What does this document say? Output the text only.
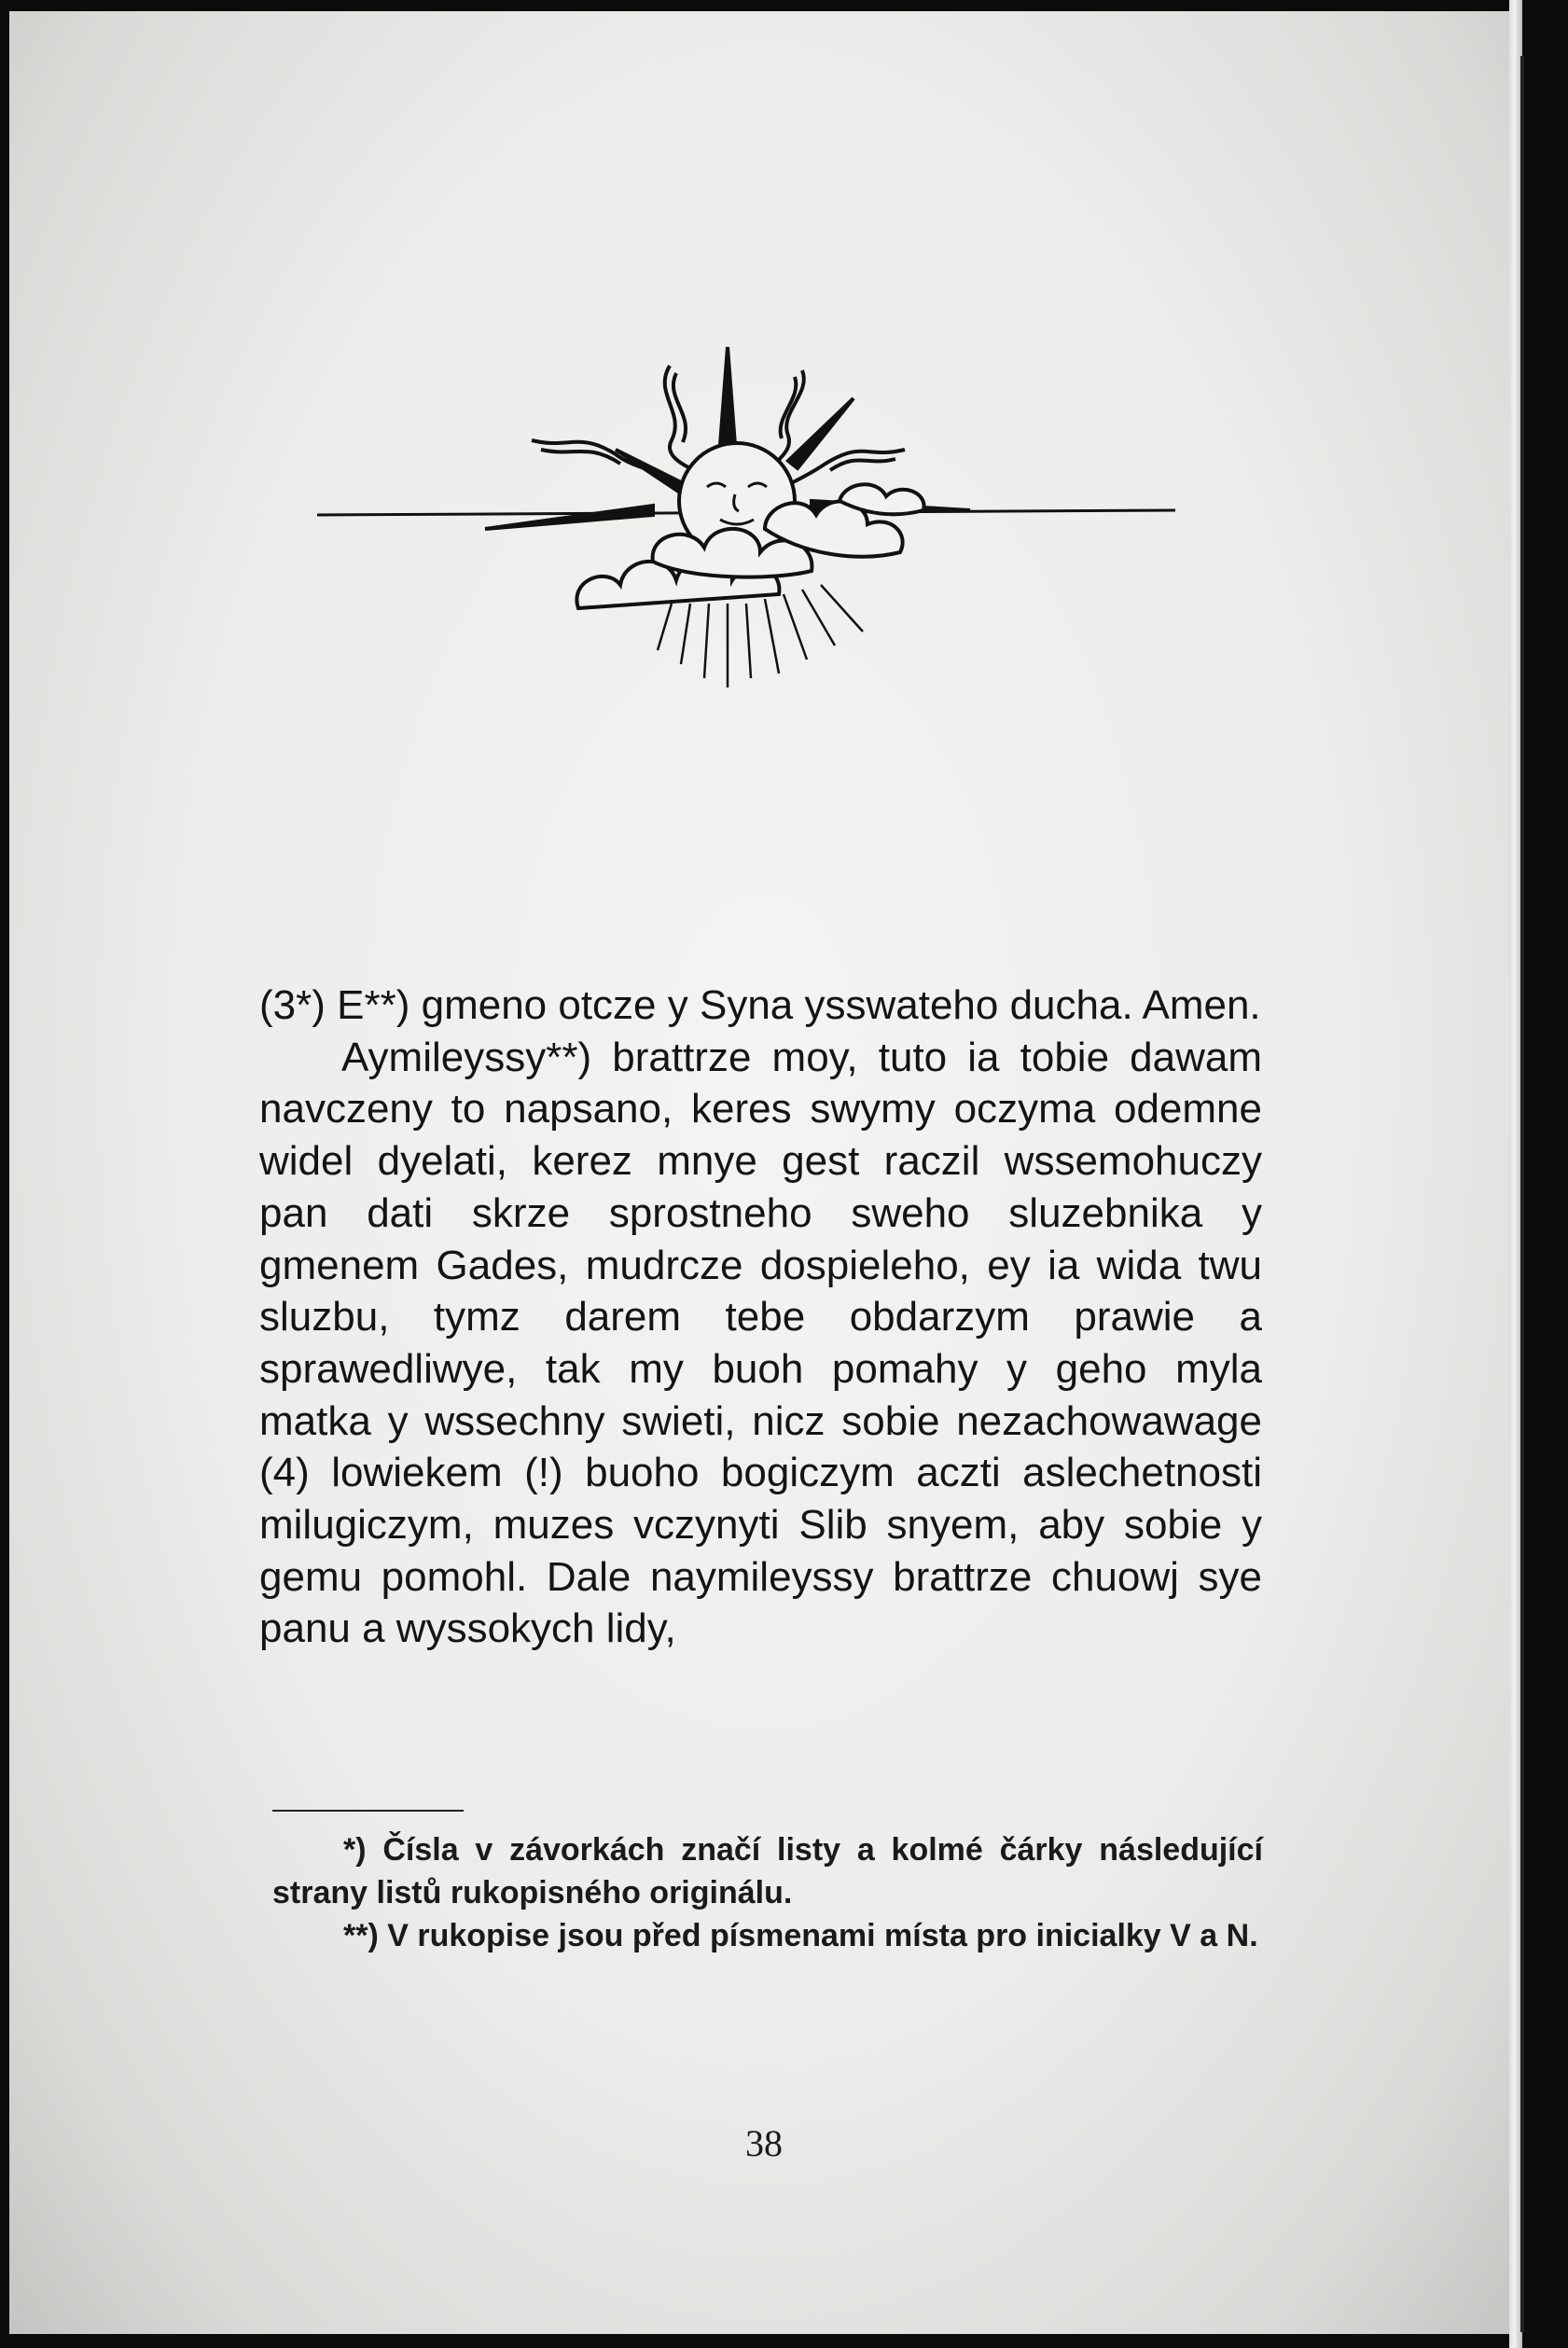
(3*) E**) gmeno otcze y Syna ysswateho ducha. Amen.

Aymileyssy**) brattrze moy, tuto ia tobie dawam navczeny to napsano, keres swymy oczyma odemne widel dyelati, kerez mnye gest raczil wssemohuczy pan dati skrze sprostneho sweho sluzebnika y gmenem Gades, mudrcze dospieleho, ey ia wida twu sluzbu, tymz darem tebe obdarzym prawie a sprawedliwye, tak my buoh pomahy y geho myla matka y wssechny swieti, nicz sobie nezachowawage (4) lowiekem (!) buoho bogiczym aczti aslechetnosti milugiczym, muzes vczynyti Slib snyem, aby sobie y gemu pomohl. Dale naymileyssy brattrze chuowj sye panu a wyssokych lidy,

*) Čísla v závorkách značí listy a kolmé čárky následující strany listů rukopisného originálu.

**) V rukopise jsou před písmenami místa pro inicialky V a N.

38
